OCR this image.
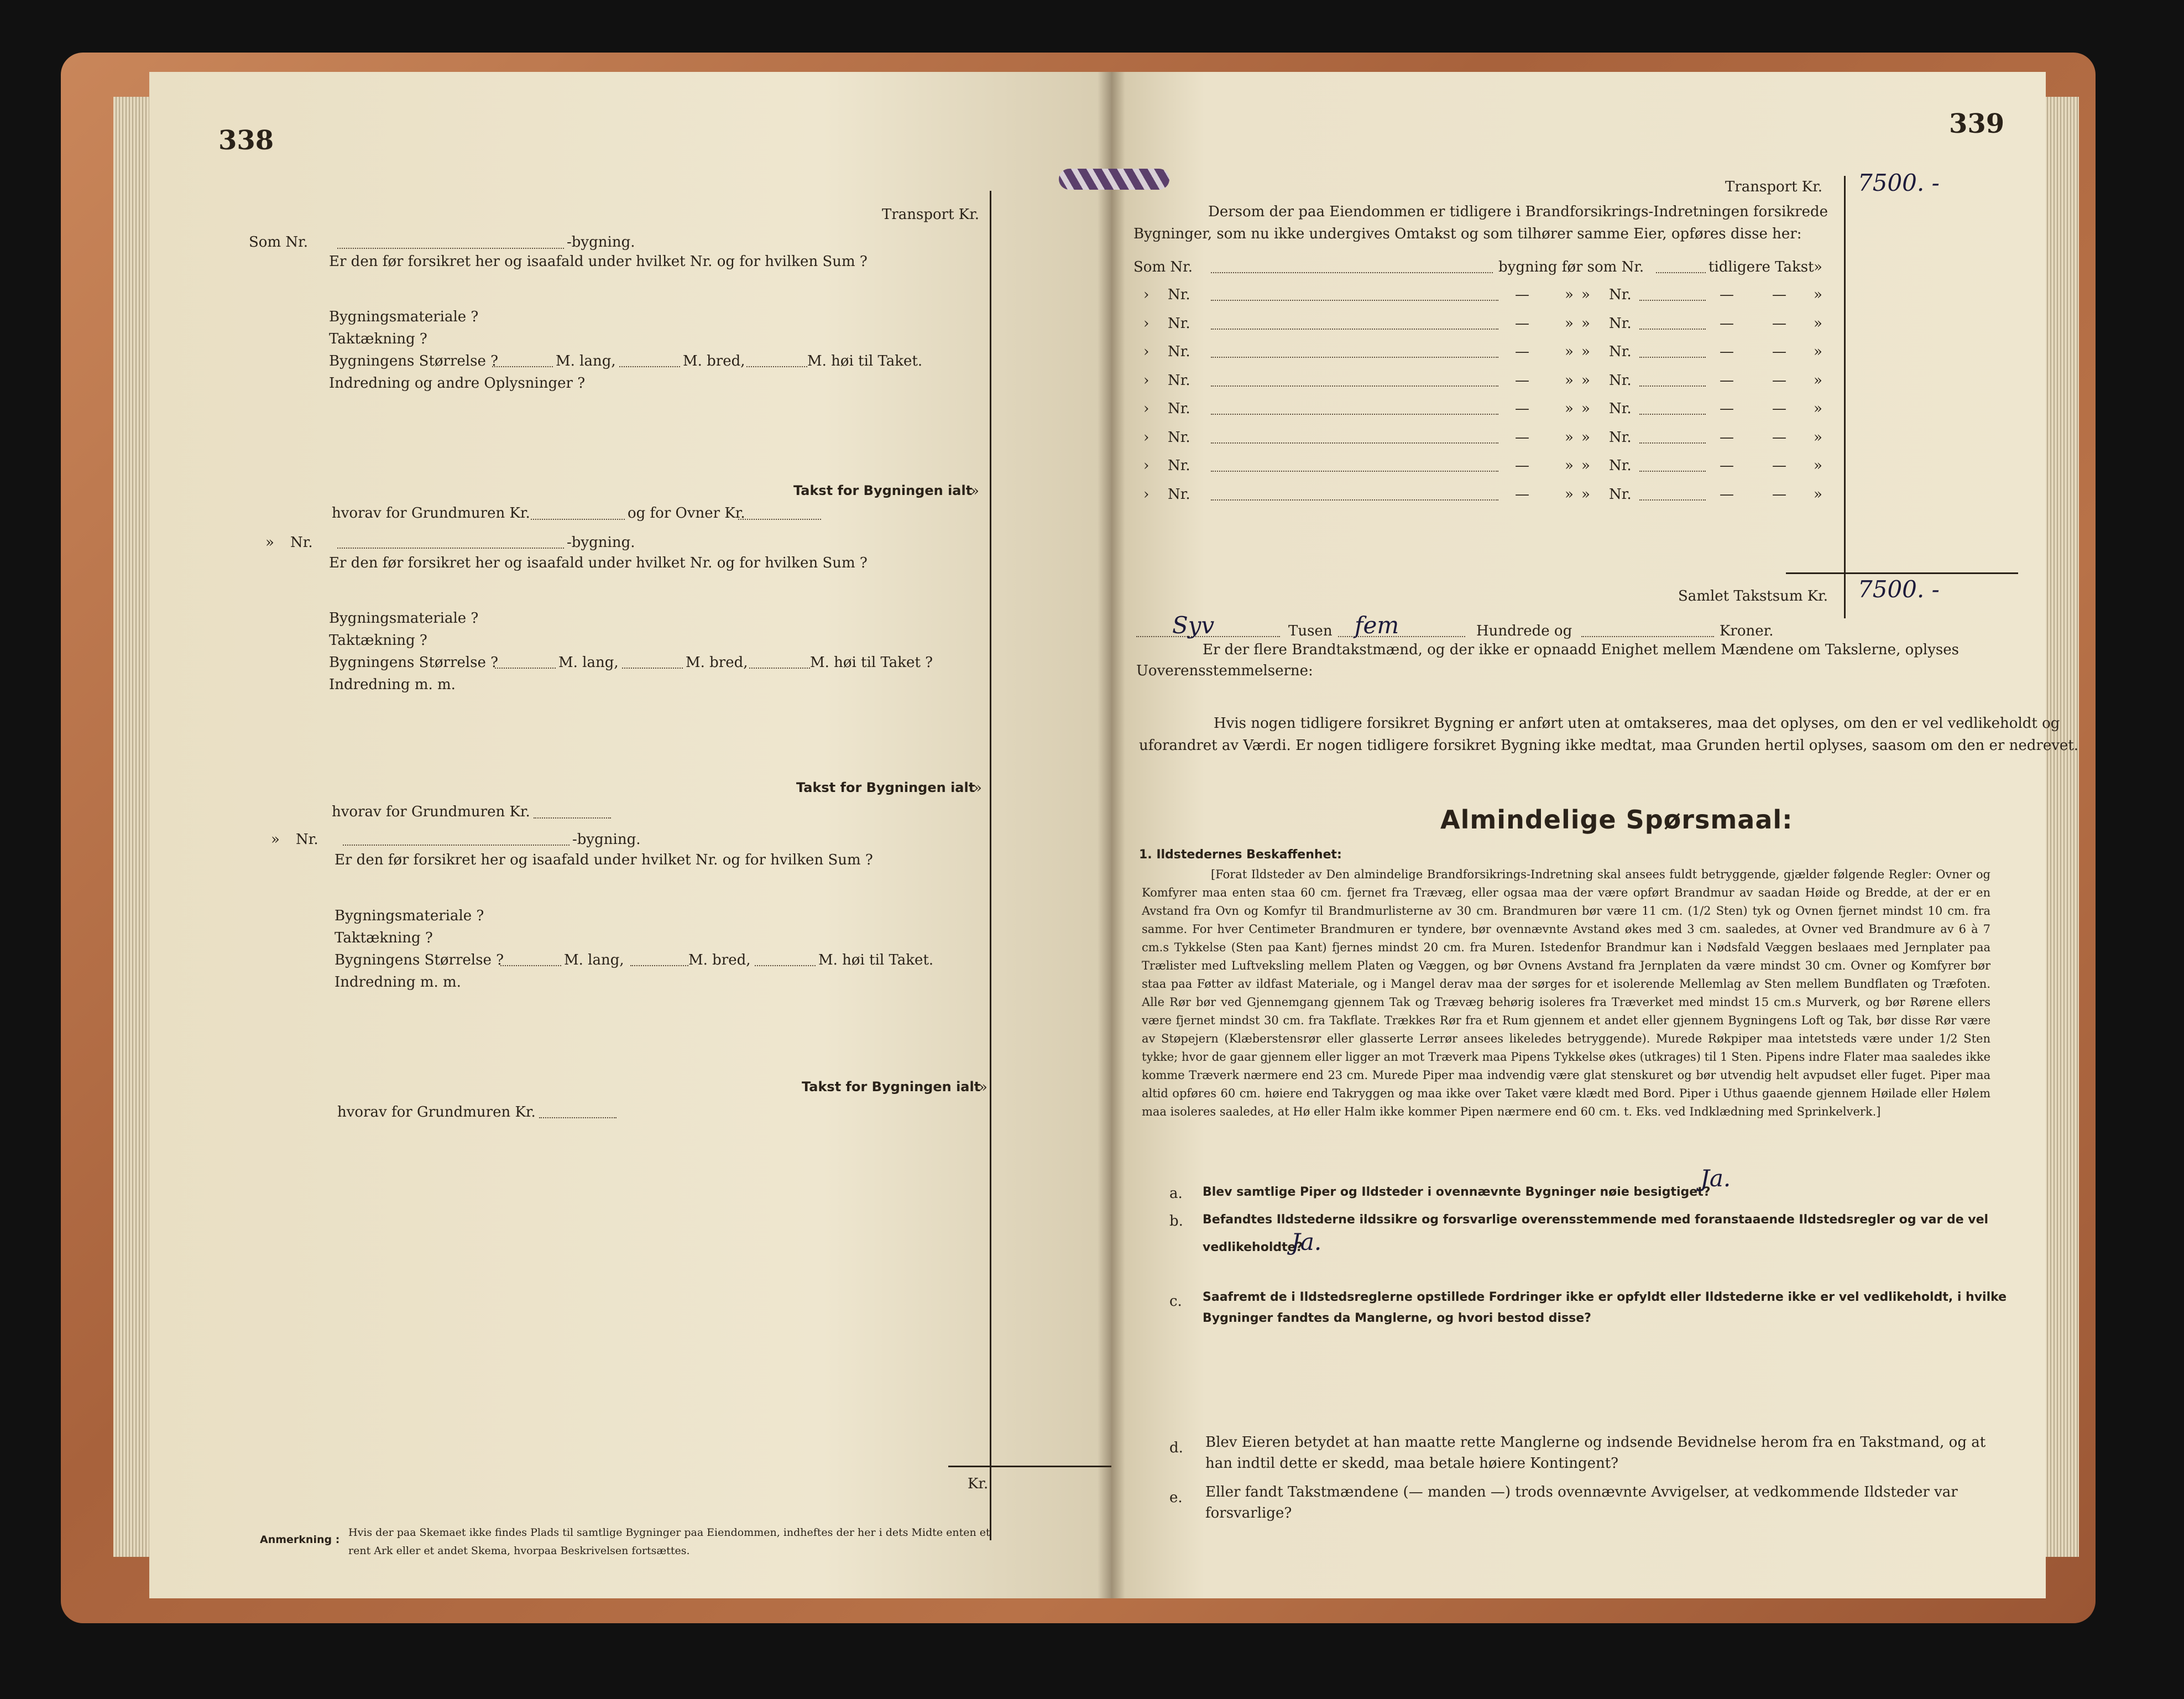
338
Transport Kr.
Som Nr.	-bygning.
Er den før forsikret her og isaafald under hvilket Nr. og for hvilken Sum ?
Bygningsmateriale ?
Taktækning ?
Bygningens Størrelse ?	M. lang,	M. bred,	M. høi til Taket.
Indredning og andre Oplysninger ?
Takst for Bygningen ialt
»
hvorav for Grundmuren Kr.	og for Ovner Kr.
» Nr.	-bygning.
Er den før forsikret her og isaafald under hvilket Nr. og for hvilken Sum ?
Bygningsmateriale ?
Taktækning ?
Bygningens Størrelse ?	M. lang,	M. bred,	M. høi til Taket ?
Indredning m. m.
Takst for Bygningen ialt
»
hvorav for Grundmuren Kr.
» Nr.	-bygning.
Er den før forsikret her og isaafald under hvilket Nr. og for hvilken Sum ?
Bygningsmateriale ?
Taktækning ?
Bygningens Størrelse ?	M. lang,	M. bred,	M. høi til Taket.
Indredning m. m.
Takst for Bygningen ialt
»
hvorav for Grundmuren Kr.
Kr.
Anmerkning :
Hvis der paa Skemaet ikke findes Plads til samtlige Bygninger paa Eiendommen, indheftes der her i dets Midte enten et
rent Ark eller et andet Skema, hvorpaa Beskrivelsen fortsættes.
339
Transport Kr. 7500. -
Dersom der paa Eiendommen er tidligere i Brandforsikrings-Indretningen forsikrede
Bygninger, som nu ikke undergives Omtakst og som tilhører samme Eier, opføres disse her:
Som Nr.	bygning før som Nr.	tidligere Takst »
› Nr.	— » » Nr.	—	— »
› Nr.	— » » Nr.	—	— »
› Nr.	— » » Nr.	—	— »
› Nr.	— » » Nr.	—	— »
› Nr.	— » » Nr.	—	— »
› Nr.	— » » Nr.	—	— »
› Nr.	— » » Nr.	—	— »
› Nr.	— » » Nr.	—	— »
Samlet Takstsum Kr. 7500. -
Syv	Tusen fem	Hundrede og	Kroner.
Er der flere Brandtakstmænd, og der ikke er opnaadd Enighet mellem Mændene om Takslerne, oplyses
Uoverensstemmelserne:
Hvis nogen tidligere forsikret Bygning er anført uten at omtakseres, maa det oplyses, om den er vel vedlikeholdt og
uforandret av Værdi. Er nogen tidligere forsikret Bygning ikke medtat, maa Grunden hertil oplyses, saasom om den er nedrevet.
Almindelige Spørsmaal:
1. Ildstedernes Beskaffenhet:
[Forat Ildsteder av Den almindelige Brandforsikrings-Indretning skal ansees fuldt betryggende, gjælder følgende Regler: Ovner og Komfyrer maa enten staa 60 cm. fjernet fra Trævæg, eller ogsaa maa der være opført Brandmur av saadan Høide og Bredde, at der er en Avstand fra Ovn og Komfyr til Brandmurlisterne av 30 cm. Brandmuren bør være 11 cm. (1/2 Sten) tyk og Ovnen fjernet mindst 10 cm. fra samme. For hver Centimeter Brandmuren er tyndere, bør ovennævnte Avstand økes med 3 cm. saaledes, at Ovner ved Brandmure av 6 à 7 cm.s Tykkelse (Sten paa Kant) fjernes mindst 20 cm. fra Muren. Istedenfor Brandmur kan i Nødsfald Væggen beslaaes med Jernplater paa Trælister med Luftveksling mellem Platen og Væggen, og bør Ovnens Avstand fra Jernplaten da være mindst 30 cm. Ovner og Komfyrer bør staa paa Føtter av ildfast Materiale, og i Mangel derav maa der sørges for et isolerende Mellemlag av Sten mellem Bundflaten og Træfoten. Alle Rør bør ved Gjennemgang gjennem Tak og Trævæg behørig isoleres fra Træverket med mindst 15 cm.s Murverk, og bør Rørene ellers være fjernet mindst 30 cm. fra Takflate. Trækkes Rør fra et Rum gjennem et andet eller gjennem Bygningens Loft og Tak, bør disse Rør være av Støpejern (Klæberstensrør eller glasserte Lerrør ansees likeledes betryggende). Murede Røkpiper maa intetsteds være under 1/2 Sten tykke; hvor de gaar gjennem eller ligger an mot Træverk maa Pipens Tykkelse økes (utkrages) til 1 Sten. Pipens indre Flater maa saaledes ikke komme Træverk nærmere end 23 cm. Murede Piper maa indvendig være glat stenskuret og bør utvendig helt avpudset eller fuget. Piper maa altid opføres 60 cm. høiere end Takryggen og maa ikke over Taket være klædt med Bord. Piper i Uthus gaaende gjennem Høilade eller Hølem maa isoleres saaledes, at Hø eller Halm ikke kommer Pipen nærmere end 60 cm. t. Eks. ved Indklædning med Sprinkelverk.]
a. Blev samtlige Piper og Ildsteder i ovennævnte Bygninger nøie besigtiget?
Ja.
b. Befandtes Ildstederne ildssikre og forsvarlige overensstemmende med foranstaaende Ildstedsregler og var de vel
vedlikeholdte?
Ja.
c. Saafremt de i Ildstedsreglerne opstillede Fordringer ikke er opfyldt eller Ildstederne ikke er vel vedlikeholdt, i hvilke
Bygninger fandtes da Manglerne, og hvori bestod disse?
d. Blev Eieren betydet at han maatte rette Manglerne og indsende Bevidnelse herom fra en Takstmand, og at
han indtil dette er skedd, maa betale høiere Kontingent?
e. Eller fandt Takstmændene (— manden —) trods ovennævnte Avvigelser, at vedkommende Ildsteder var
forsvarlige?
